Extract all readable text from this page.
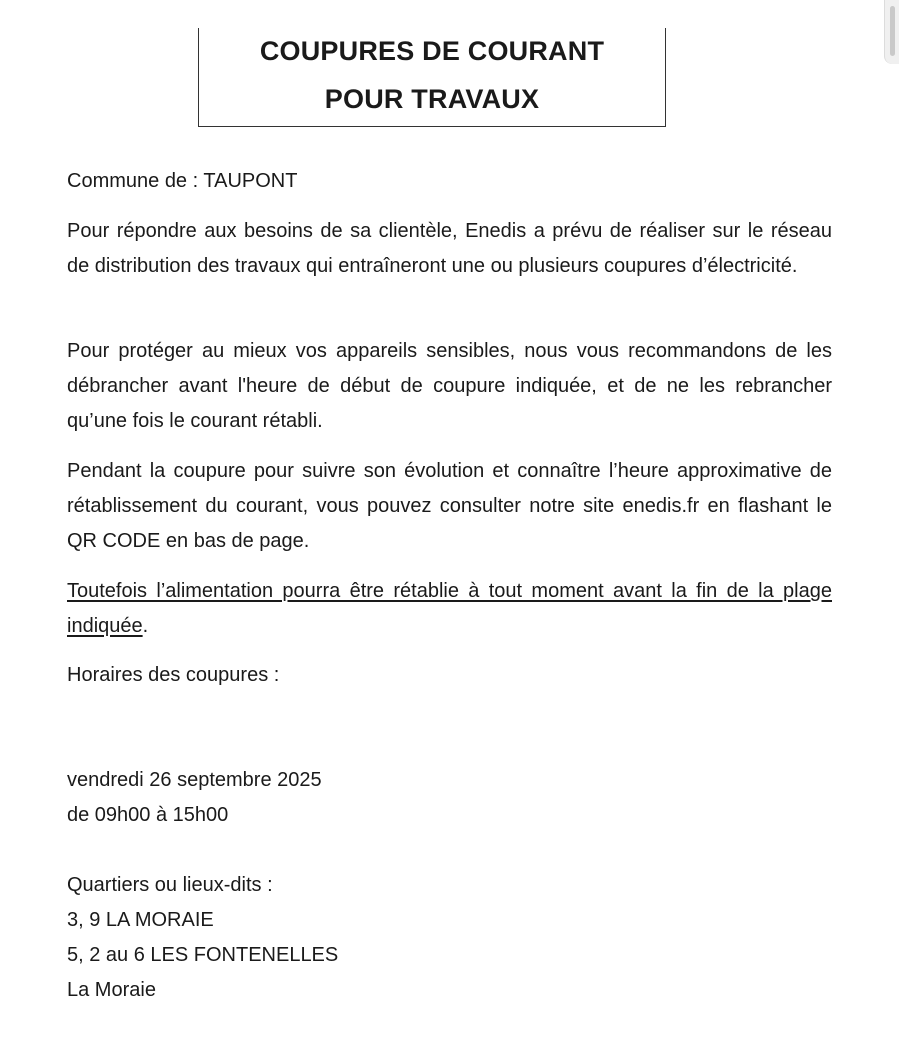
COUPURES DE COURANT
POUR TRAVAUX
Commune de : TAUPONT

Pour répondre aux besoins de sa clientèle, Enedis a prévu de réaliser sur le réseau de distribution des travaux qui entraîneront une ou plusieurs coupures d’électricité.

Pour protéger au mieux vos appareils sensibles, nous vous recommandons de les débrancher avant l'heure de début de coupure indiquée, et de ne les rebrancher qu’une fois le courant rétabli.

Pendant la coupure pour suivre son évolution et connaître l’heure approximative de rétablissement du courant, vous pouvez consulter notre site enedis.fr en flashant le QR CODE en bas de page.

Toutefois l’alimentation pourra être rétablie à tout moment avant la fin de la plage indiquée.

Horaires des coupures :
vendredi 26 septembre 2025
de 09h00 à 15h00
Quartiers ou lieux-dits :
3, 9 LA MORAIE
5, 2 au 6 LES FONTENELLES
La Moraie
